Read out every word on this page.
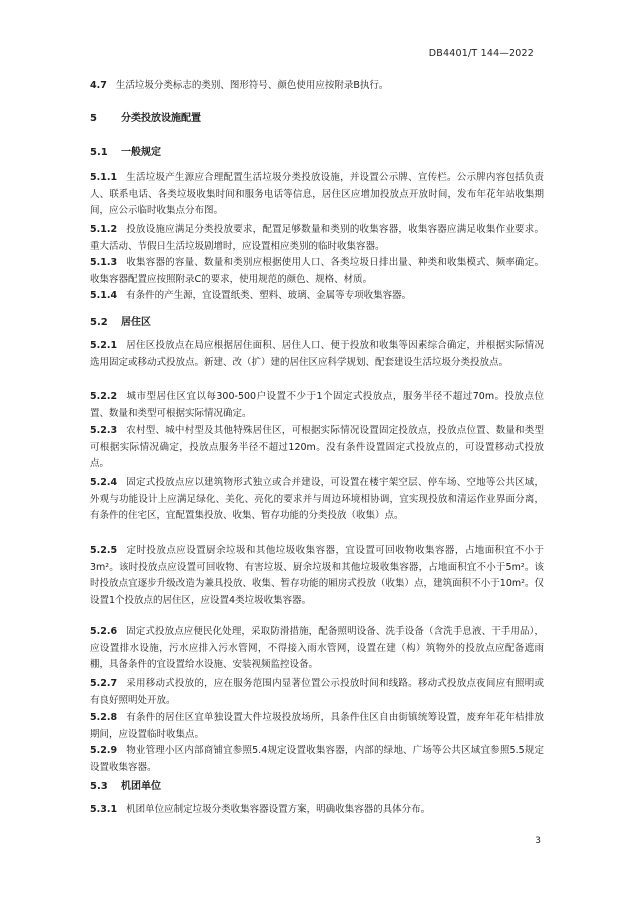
DB4401/T 144—2022
4.7 生活垃圾分类标志的类别、图形符号、颜色使用应按附录B执行。
5 分类投放设施配置
5.1 一般规定
5.1.1 生活垃圾产生源应合理配置生活垃圾分类投放设施，并设置公示牌、宣传栏。公示牌内容包括负责人、联系电话、各类垃圾收集时间和服务电话等信息，居住区应增加投放点开放时间，发布年花年站收集期间，应公示临时收集点分布图。
5.1.2 投放设施应满足分类投放要求，配置足够数量和类别的收集容器，收集容器应满足收集作业要求。重大活动、节假日生活垃圾剧增时，应设置相应类别的临时收集容器。
5.1.3 收集容器的容量、数量和类别应根据使用人口、各类垃圾日排出量、种类和收集模式、频率确定。收集容器配置应按照附录C的要求，使用规范的颜色、规格、材质。
5.1.4 有条件的产生源，宜设置纸类、塑料、玻璃、金属等专项收集容器。
5.2 居住区
5.2.1 居住区投放点在局应根据居住面积、居住人口、便于投放和收集等因素综合确定，并根据实际情况选用固定或移动式投放点。新建、改（扩）建的居住区应科学规划、配套建设生活垃圾分类投放点。
5.2.2 城市型居住区宜以每300-500户设置不少于1个固定式投放点，服务半径不超过70m。投放点位置、数量和类型可根据实际情况确定。
5.2.3 农村型、城中村型及其他特殊居住区，可根据实际情况设置固定投放点，投放点位置、数量和类型可根据实际情况确定，投放点服务半径不超过120m。没有条件设置固定式投放点的，可设置移动式投放点。
5.2.4 固定式投放点应以建筑物形式独立或合并建设，可设置在楼宇架空层、停车场、空地等公共区域，外观与功能设计上应满足绿化、美化、亮化的要求并与周边环境相协调，宜实现投放和清运作业界面分离，有条件的住宅区，宜配置集投放、收集、暂存功能的分类投放（收集）点。
5.2.5 定时投放点应设置厨余垃圾和其他垃圾收集容器，宜设置可回收物收集容器，占地面积宜不小于3m²。该时投放点应设置可回收物、有害垃圾、厨余垃圾和其他垃圾收集容器，占地面积宜不小于5m²。该时投放点宜逐步升级改造为兼具投放、收集、暂存功能的厢房式投放（收集）点，建筑面积不小于10m²。仅设置1个投放点的居住区，应设置4类垃圾收集容器。
5.2.6 固定式投放点应便民化处理，采取防滑措施，配备照明设备、洗手设备（含洗手息液、干手用品），应设置排水设施，污水应排入污水管网，不得接入雨水管网，设置在建（构）筑物外的投放点应配备遮雨棚，具备条件的宜设置给水设施、安装视频监控设备。
5.2.7 采用移动式投放的，应在服务范围内显著位置公示投放时间和线路。移动式投放点夜间应有照明或有良好照明处开放。
5.2.8 有条件的居住区宜单独设置大件垃圾投放场所，具条件住区自由街镇统筹设置，废弃年花年桔排放期间，应设置临时收集点。
5.2.9 物业管理小区内部商铺宜参照5.4规定设置收集容器，内部的绿地、广场等公共区域宜参照5.5规定设置收集容器。
5.3 机团单位
5.3.1 机团单位应制定垃圾分类收集容器设置方案，明确收集容器的具体分布。
3
